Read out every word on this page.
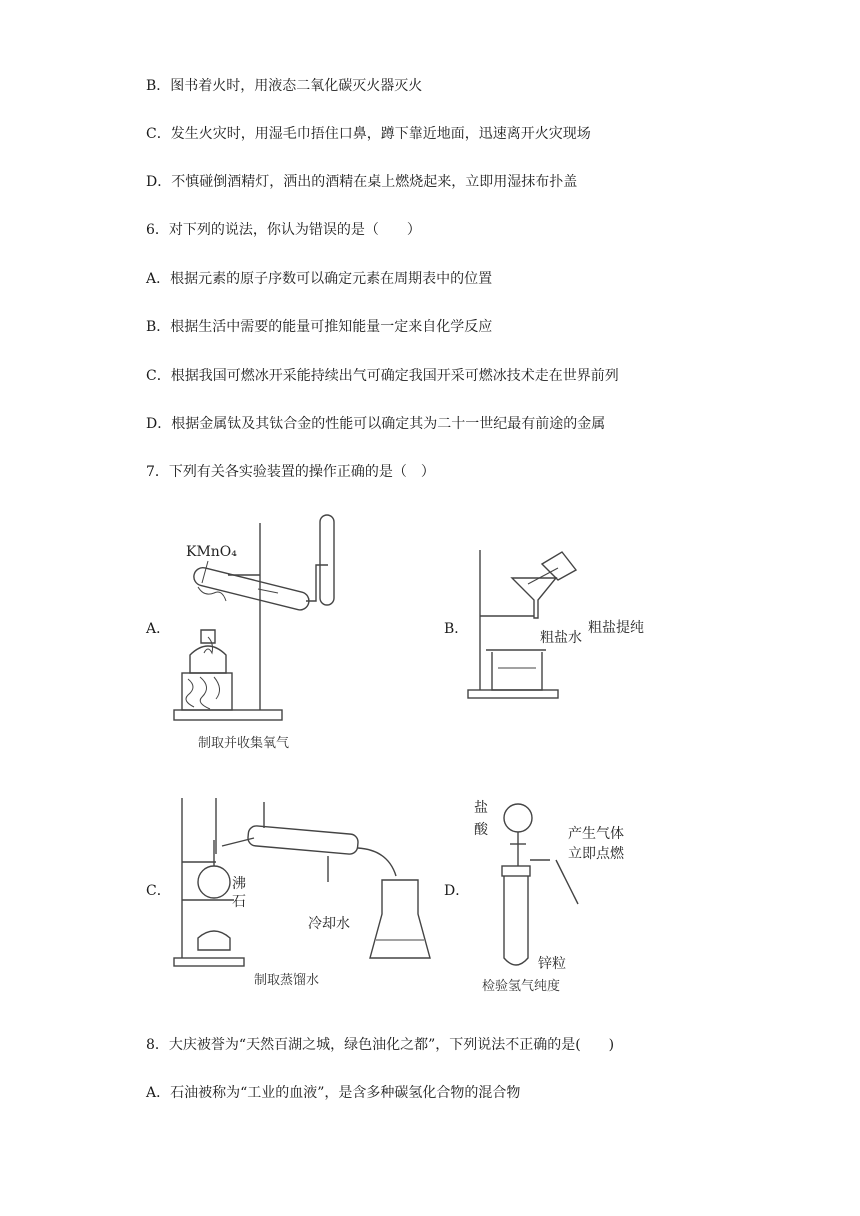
B．图书着火时，用液态二氧化碳灭火器灭火
C．发生火灾时，用湿毛巾捂住口鼻，蹲下靠近地面，迅速离开火灾现场
D．不慎碰倒酒精灯，洒出的酒精在桌上燃烧起来，立即用湿抹布扑盖
6．对下列的说法，你认为错误的是（　　）
A．根据元素的原子序数可以确定元素在周期表中的位置
B．根据生活中需要的能量可推知能量一定来自化学反应
C．根据我国可燃冰开采能持续出气可确定我国开采可燃冰技术走在世界前列
D．根据金属钛及其钛合金的性能可以确定其为二十一世纪最有前途的金属
7．下列有关各实验装置的操作正确的是（　）
A．	B．
C．	D．
KMnO₄
制取并收集氧气
粗盐提纯
粗盐水
沸
石
冷却水
制取蒸馏水
盐
酸	产生气体
立即点燃
锌粒
检验氢气纯度
8．大庆被誉为“天然百湖之城，绿色油化之都”，下列说法不正确的是(　　)
A．石油被称为“工业的血液”，是含多种碳氢化合物的混合物
